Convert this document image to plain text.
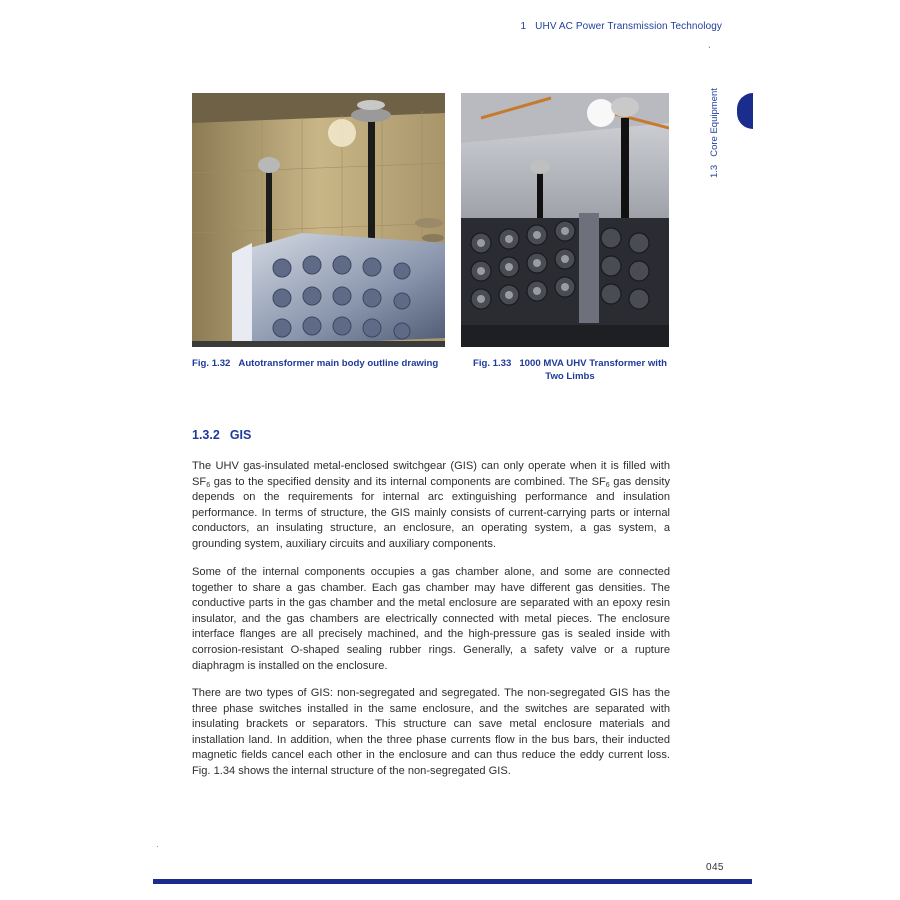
1 UHV AC Power Transmission Technology
ˎ
1.3Core Equipment
Fig. 1.32 Autotransformer main body outline drawing	Fig. 1.33 1000 MVA UHV Transformer with Two Limbs
1.3.2 GIS

The UHV gas-insulated metal-enclosed switchgear (GIS) can only operate when it is filled with $SF_6$ gas to the specified density and its internal components are combined. The $SF_6$ gas density depends on the requirements for internal arc extinguishing performance and insulation performance. In terms of structure, the GIS mainly consists of current-carrying parts or internal conductors, an insulating structure, an enclosure, an operating system, a gas system, a grounding system, auxiliary circuits and auxiliary components.

Some of the internal components occupies a gas chamber alone, and some are connected together to share a gas chamber. Each gas chamber may have different gas densities. The conductive parts in the gas chamber and the metal enclosure are separated with an epoxy resin insulator, and the gas chambers are electrically connected with metal pieces. The enclosure interface flanges are all precisely machined, and the high-pressure gas is sealed inside with corrosion-resistant O-shaped sealing rubber rings. Generally, a safety valve or a rupture diaphragm is installed on the enclosure.

There are two types of GIS: non-segregated and segregated. The non-segregated GIS has the three phase switches installed in the same enclosure, and the switches are separated with insulating brackets or separators. This structure can save metal enclosure materials and installation land. In addition, when the three phase currents flow in the bus bars, their inducted magnetic fields cancel each other in the enclosure and can thus reduce the eddy current loss. Fig. 1.34 shows the internal structure of the non-segregated GIS.

045
